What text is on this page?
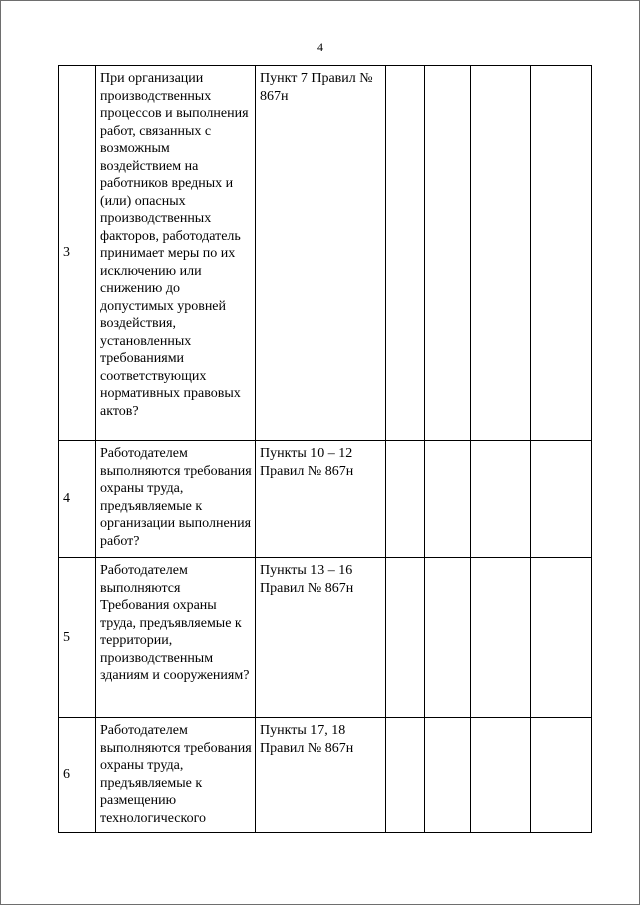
4
3	При организации производственных процессов и выполнения работ, связанных с возможным воздействием на работников вредных и (или) опасных производственных факторов, работодатель принимает меры по их исключению или снижению до допустимых уровней воздействия, установленных требованиями соответствующих нормативных правовых актов?	Пункт 7 Правил № 867н				
4	Работодателем выполняются требования охраны труда, предъявляемые к организации выполнения работ?	Пункты 10 – 12 Правил № 867н				
5	Работодателем выполняются Требования охраны труда, предъявляемые к территории, производственным зданиям и сооружениям?	Пункты 13 – 16 Правил № 867н				
6	Работодателем выполняются требования охраны труда, предъявляемые к размещению технологического	Пункты 17, 18 Правил № 867н				
